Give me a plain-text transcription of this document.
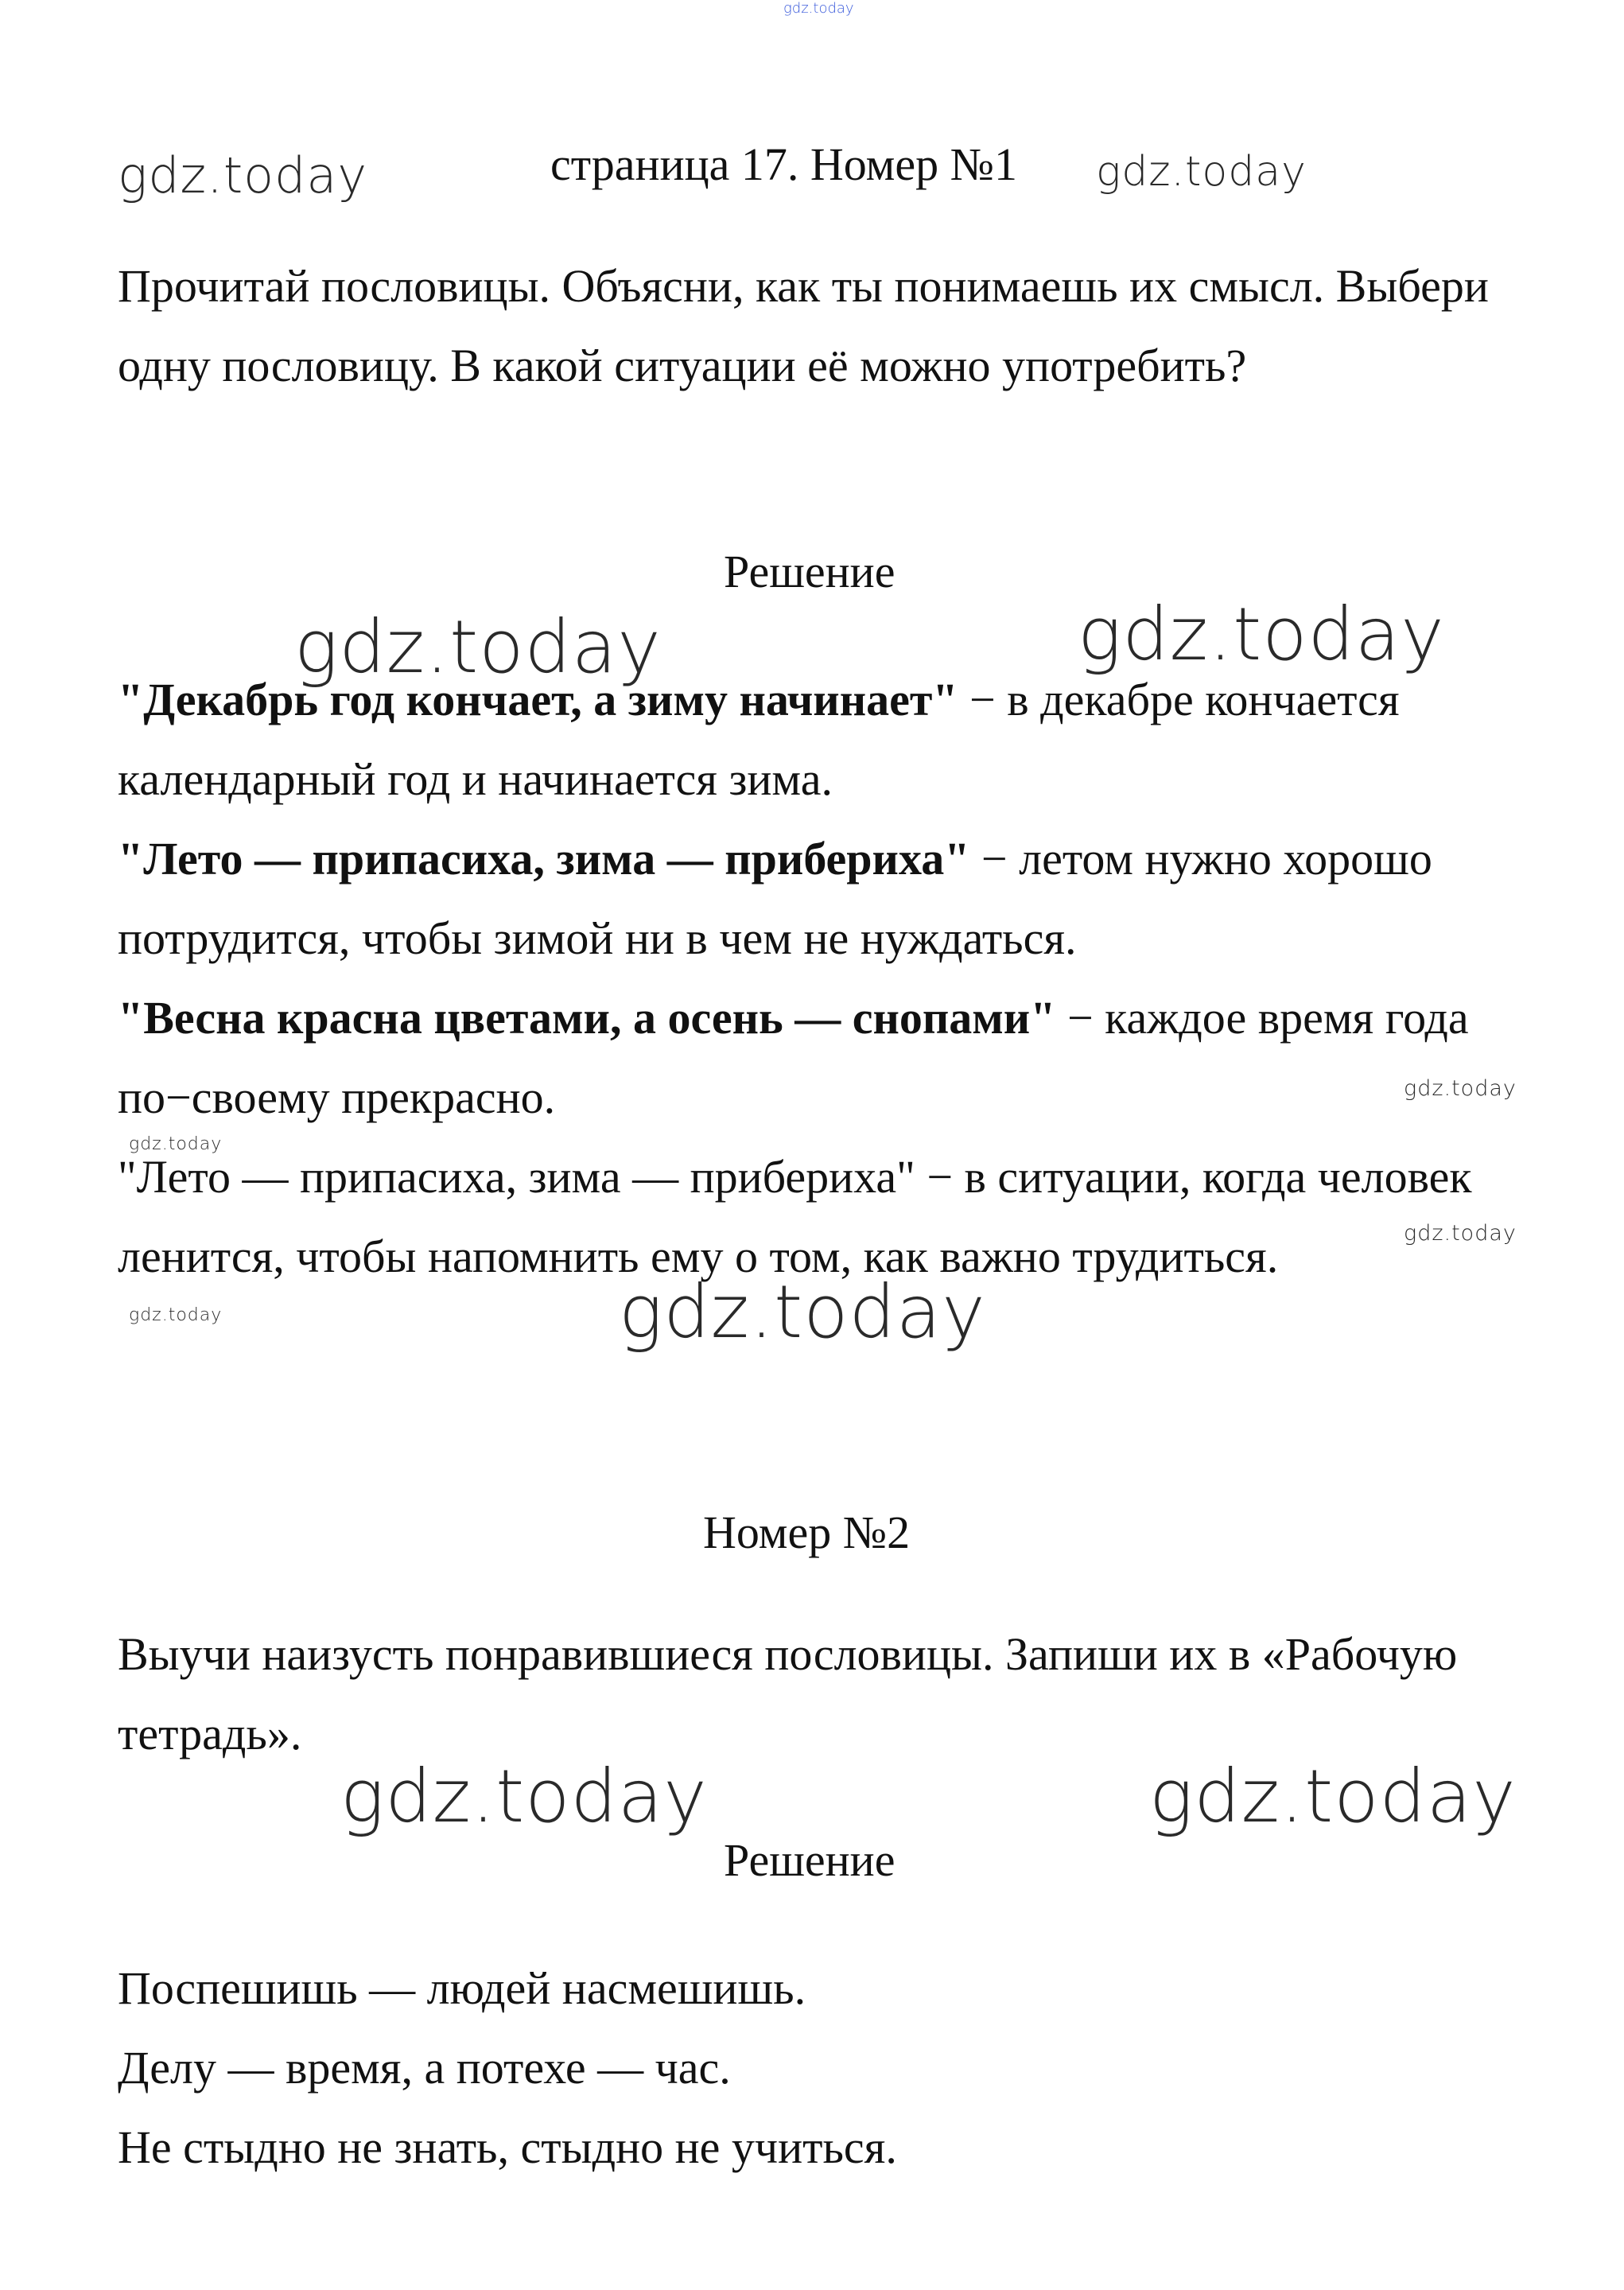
gdz.today
gdz.today	gdz.today
gdz.today	gdz.today
gdz.today
gdz.today
gdz.today
gdz.today	gdz.today
gdz.today	gdz.today
страница 17. Номер №1

Прочитай пословицы. Объясни, как ты понимаешь их смысл. Выбери одну пословицу. В какой ситуации её можно употребить?

Решение

"Декабрь год кончает, а зиму начинает" − в декабре кончается календарный год и начинается зима.

"Лето — припасиха, зима — прибериха" − летом нужно хорошо потрудится, чтобы зимой ни в чем не нуждаться.

"Весна красна цветами, а осень — снопами" − каждое время года по−своему прекрасно.

"Лето — припасиха, зима — прибериха" − в ситуации, когда человек ленится, чтобы напомнить ему о том, как важно трудиться.

Номер №2

Выучи наизусть понравившиеся пословицы. Запиши их в «Рабочую тетрадь».

Решение

Поспешишь — людей насмешишь.

Делу — время, а потехе — час.

Не стыдно не знать, стыдно не учиться.
